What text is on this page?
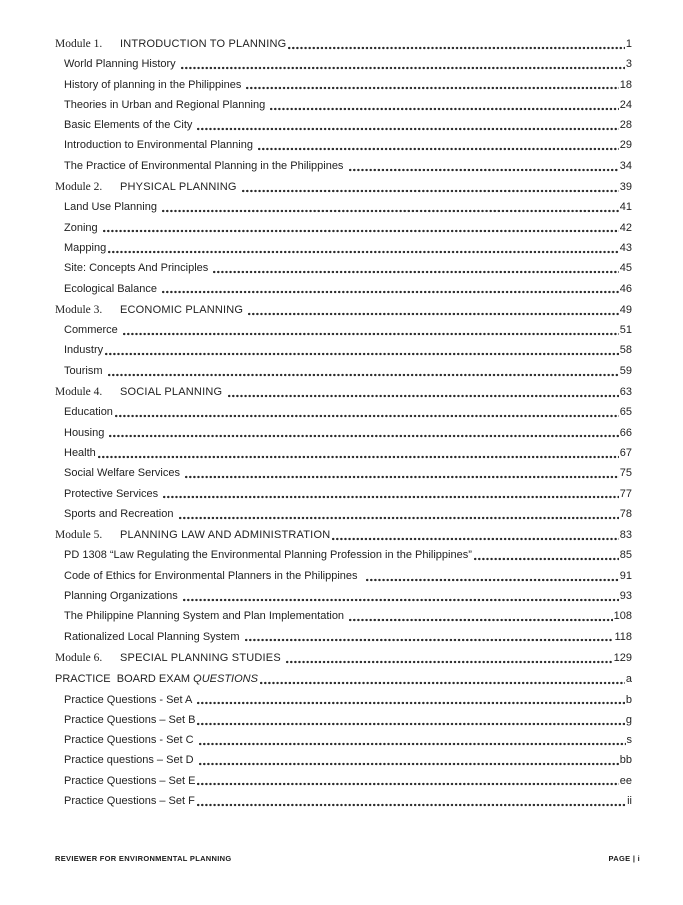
Module 1.	INTRODUCTION TO PLANNING	1
World Planning History	3
History of planning in the Philippines	18
Theories in Urban and Regional Planning	24
Basic Elements of the City	28
Introduction to Environmental Planning	29
The Practice of Environmental Planning in the Philippines	34
Module 2.	PHYSICAL PLANNING	39
Land Use Planning	41
Zoning	42
Mapping	43
Site: Concepts And Principles	45
Ecological Balance	46
Module 3.	ECONOMIC PLANNING	49
Commerce	51
Industry	58
Tourism	59
Module 4.	SOCIAL PLANNING	63
Education	65
Housing	66
Health	67
Social Welfare Services	75
Protective Services	77
Sports and Recreation	78
Module 5.	PLANNING LAW AND ADMINISTRATION	83
PD 1308 “Law Regulating the Environmental Planning Profession in the Philippines”	85
Code of Ethics for Environmental Planners in the Philippines	91
Planning Organizations	93
The Philippine Planning System and Plan Implementation	108
Rationalized Local Planning System	118
Module 6.	SPECIAL PLANNING STUDIES	129
PRACTICE  BOARD EXAM QUESTIONS	a
Practice Questions - Set A	b
Practice Questions – Set B	g
Practice Questions - Set C	s
Practice questions – Set D	bb
Practice Questions – Set E	ee
Practice Questions – Set F	ii
REVIEWER FOR ENVIRONMENTAL PLANNING	PAGE | i
